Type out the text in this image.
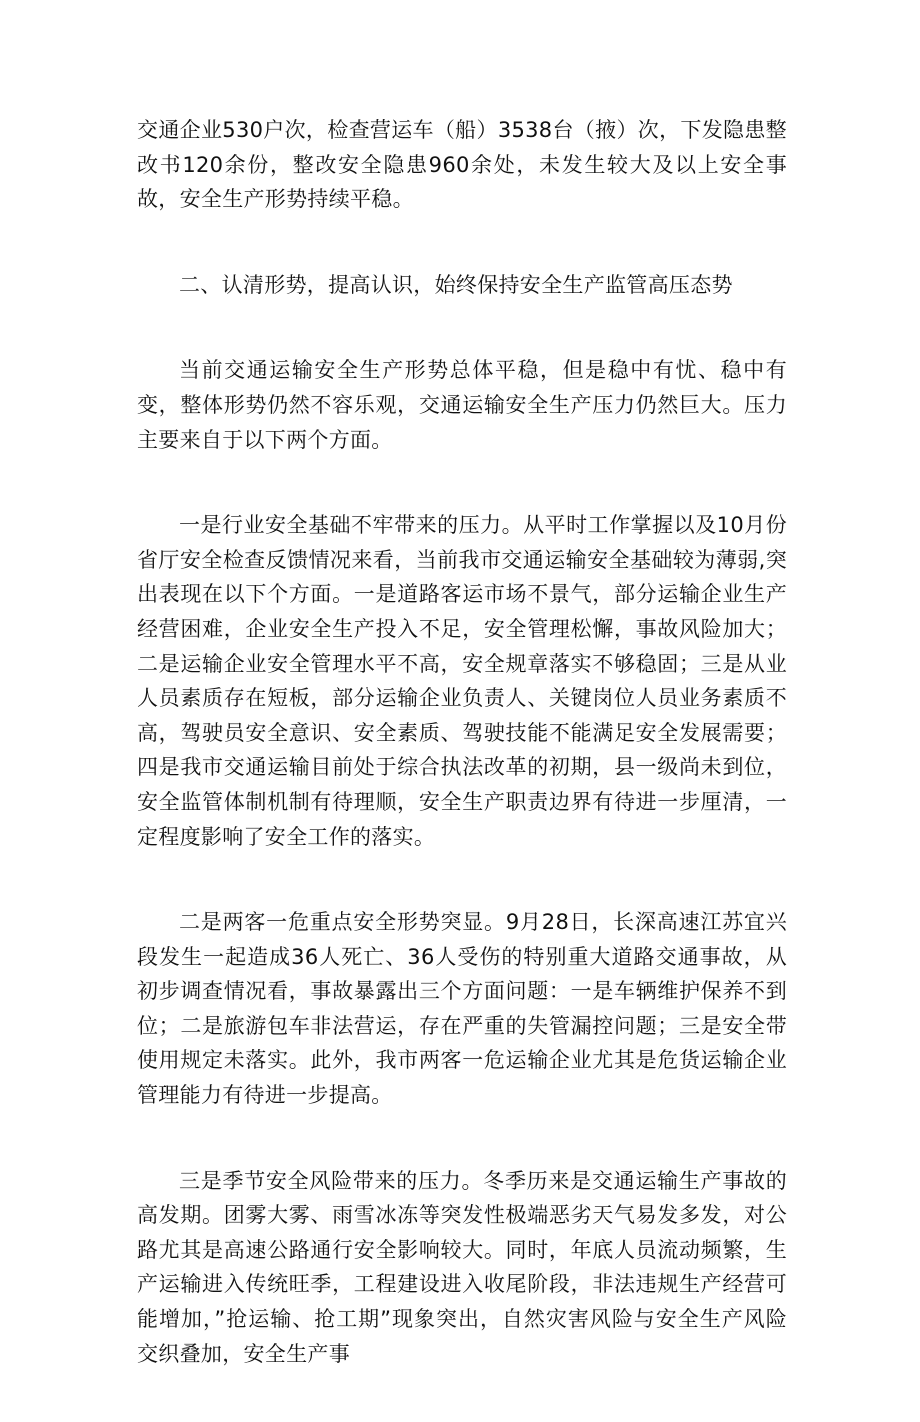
交通企业530户次，检查营运车（船）3538台（掖）次，下发隐患整改书120余份，整改安全隐患960余处，未发生较大及以上安全事故，安全生产形势持续平稳。

二、认清形势，提高认识，始终保持安全生产监管高压态势

当前交通运输安全生产形势总体平稳，但是稳中有忧、稳中有变，整体形势仍然不容乐观，交通运输安全生产压力仍然巨大。压力主要来自于以下两个方面。

一是行业安全基础不牢带来的压力。从平时工作掌握以及10月份省厅安全检查反馈情况来看，当前我市交通运输安全基础较为薄弱,突出表现在以下个方面。一是道路客运市场不景气，部分运输企业生产经营困难，企业安全生产投入不足，安全管理松懈，事故风险加大；二是运输企业安全管理水平不高，安全规章落实不够稳固；三是从业人员素质存在短板，部分运输企业负责人、关键岗位人员业务素质不高，驾驶员安全意识、安全素质、驾驶技能不能满足安全发展需要；四是我市交通运输目前处于综合执法改革的初期，县一级尚未到位，安全监管体制机制有待理顺，安全生产职责边界有待进一步厘清，一定程度影响了安全工作的落实。

二是两客一危重点安全形势突显。9月28日，长深高速江苏宜兴段发生一起造成36人死亡、36人受伤的特别重大道路交通事故，从初步调查情况看，事故暴露出三个方面问题：一是车辆维护保养不到位；二是旅游包车非法营运，存在严重的失管漏控问题；三是安全带使用规定未落实。此外，我市两客一危运输企业尤其是危货运输企业管理能力有待进一步提高。

三是季节安全风险带来的压力。冬季历来是交通运输生产事故的高发期。团雾大雾、雨雪冰冻等突发性极端恶劣天气易发多发，对公路尤其是高速公路通行安全影响较大。同时，年底人员流动频繁，生产运输进入传统旺季，工程建设进入收尾阶段，非法违规生产经营可能增加，”抢运输、抢工期”现象突出，自然灾害风险与安全生产风险交织叠加，安全生产事
